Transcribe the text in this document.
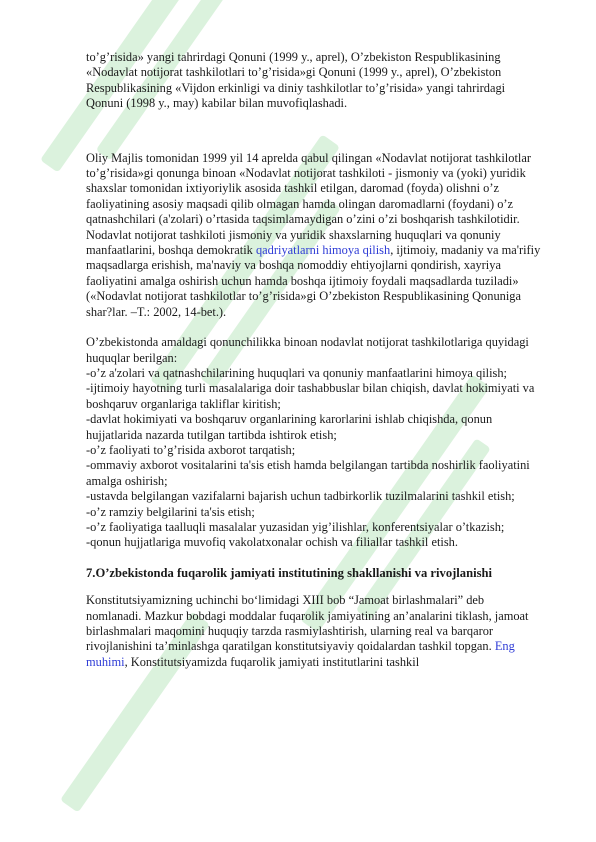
to’g’risida» yangi tahrirdagi Qonuni (1999 y., aprel), O’zbekiston Respublikasining «Nodavlat notijorat tashkilotlari to’g’risida»gi Qonuni (1999 y., aprel), O’zbekiston Respublikasining «Vijdon erkinligi va diniy tashkilotlar to’g’risida» yangi tahrirdagi Qonuni (1998 y., may) kabilar bilan muvofiqlashadi.

Oliy Majlis tomonidan 1999 yil 14 aprelda qabul qilingan «Nodavlat notijorat tashkilotlar to’g’risida»gi qonunga binoan «Nodavlat notijorat tashkiloti - jismoniy va (yoki) yuridik shaxslar tomonidan ixtiyoriylik asosida tashkil etilgan, daromad (foyda) olishni o’z faoliyatining asosiy maqsadi qilib olmagan hamda olingan daromadlarni (foydani) o’z qatnashchilari (a'zolari) o’rtasida taqsimlamaydigan o’zini o’zi boshqarish tashkilotidir. Nodavlat notijorat tashkiloti jismoniy va yuridik shaxslarning huquqlari va qonuniy manfaatlarini, boshqa demokratik qadriyatlarni himoya qilish, ijtimoiy, madaniy va ma'rifiy maqsadlarga erishish, ma'naviy va boshqa nomoddiy ehtiyojlarni qondirish, xayriya faoliyatini amalga oshirish uchun hamda boshqa ijtimoiy foydali maqsadlarda tuziladi» («Nodavlat notijorat tashkilotlar to’g’risida»gi O’zbekiston Respublikasining Qonuniga shar?lar. –T.: 2002, 14-bet.).

O’zbekistonda amaldagi qonunchilikka binoan nodavlat notijorat tashkilotlariga quyidagi huquqlar berilgan:
-o’z a'zolari va qatnashchilarining huquqlari va qonuniy manfaatlarini himoya qilish;
-ijtimoiy hayotning turli masalalariga doir tashabbuslar bilan chiqish, davlat hokimiyati va boshqaruv organlariga takliflar kiritish;
-davlat hokimiyati va boshqaruv organlarining karorlarini ishlab chiqishda, qonun hujjatlarida nazarda tutilgan tartibda ishtirok etish;
-o’z faoliyati to’g’risida axborot tarqatish;
-ommaviy axborot vositalarini ta'sis etish hamda belgilangan tartibda noshirlik faoliyatini amalga oshirish;
-ustavda belgilangan vazifalarni bajarish uchun tadbirkorlik tuzilmalarini tashkil etish;
-o’z ramziy belgilarini ta'sis etish;
-o’z faoliyatiga taalluqli masalalar yuzasidan yig’ilishlar, konferentsiyalar o’tkazish;
-qonun hujjatlariga muvofiq vakolatxonalar ochish va filiallar tashkil etish.

7.O’zbekistonda fuqarolik jamiyati institutining shakllanishi va rivojlanishi

Konstitutsiyamizning uchinchi bo‘limidagi XIII bob “Jamoat birlashmalari” deb nomlanadi. Mazkur bobdagi moddalar fuqarolik jamiyatining an’analarini tiklash, jamoat birlashmalari maqomini huquqiy tarzda rasmiylashtirish, ularning real va barqaror rivojlanishini ta’minlashga qaratilgan konstitutsiyaviy qoidalardan tashkil topgan. Eng muhimi, Konstitutsiyamizda fuqarolik jamiyati institutlarini tashkil
